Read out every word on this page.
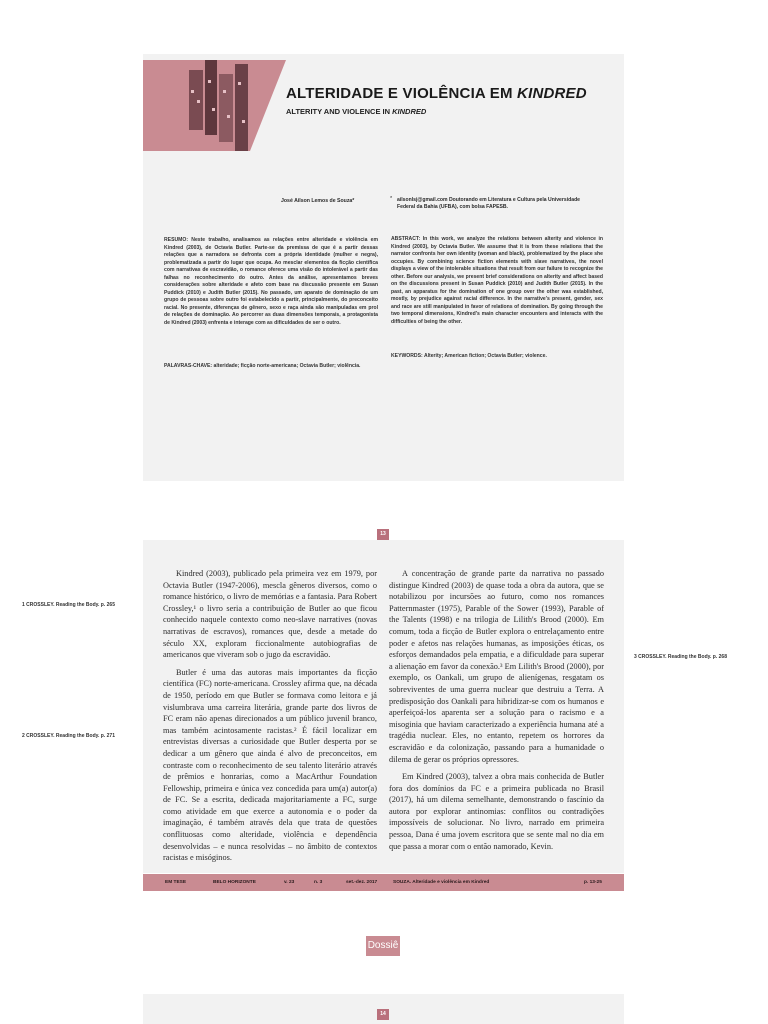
ALTERIDADE E VIOLÊNCIA EM KINDRED
ALTERITY AND VIOLENCE IN KINDRED
José Ailson Lemos de Souza*	* ailsonlsj@gmail.com Doutorando em Literatura e Cultura pela Universidade Federal da Bahia (UFBA), com bolsa FAPESB.
RESUMO: Neste trabalho, analisamos as relações entre alteridade e violência em Kindred (2003), de Octavia Butler. Parte-se da premissa de que é a partir dessas relações que a narradora se defronta com a própria identidade (mulher e negra), problematizada a partir do lugar que ocupa. Ao mesclar elementos da ficção científica com narrativas de escravidão, o romance oferece uma visão do intolerável a partir das falhas no reconhecimento do outro. Antes da análise, apresentamos breves considerações sobre alteridade e afeto com base na discussão presente em Susan Puddick (2010) e Judith Butler (2015). No passado, um aparato de dominação de um grupo de pessoas sobre outro foi estabelecido a partir, principalmente, do preconceito racial. No presente, diferenças de gênero, sexo e raça ainda são manipuladas em prol de relações de dominação. Ao percorrer as duas dimensões temporais, a protagonista de Kindred (2003) enfrenta e interage com as dificuldades de ser o outro.
PALAVRAS-CHAVE: alteridade; ficção norte-americana; Octavia Butler; violência.
ABSTRACT: In this work, we analyze the relations between alterity and violence in Kindred (2003), by Octavia Butler. We assume that it is from these relations that the narrator confronts her own identity (woman and black), problematized by the place she occupies. By combining science fiction elements with slave narratives, the novel displays a view of the intolerable situations that result from our failure to recognize the other. Before our analysis, we present brief considerations on alterity and affect based on the discussions present in Susan Puddick (2010) and Judith Butler (2015). In the past, an apparatus for the domination of one group over the other was established, mostly, by prejudice against racial difference. In the narrative's present, gender, sex and race are still manipulated in favor of relations of domination. By going through the two temporal dimensions, Kindred's main character encounters and interacts with the difficulties of being the other.
KEYWORDS: Alterity; American fiction; Octavia Butler; violence.
13

Kindred (2003), publicado pela primeira vez em 1979, por Octavia Butler (1947-2006), mescla gêneros diversos, como o romance histórico, o livro de memórias e a fantasia. Para Robert Crossley,¹ o livro seria a contribuição de Butler ao que ficou conhecido naquele contexto como neo-slave narratives (novas narrativas de escravos), romances que, desde a metade do século XX, exploram ficcionalmente autobiografias de americanos que viveram sob o jugo da escravidão.

Butler é uma das autoras mais importantes da ficção científica (FC) norte-americana. Crossley afirma que, na década de 1950, período em que Butler se formava como leitora e já vislumbrava uma carreira literária, grande parte dos livros de FC eram não apenas direcionados a um público juvenil branco, mas também acintosamente racistas.² É fácil localizar em entrevistas diversas a curiosidade que Butler desperta por se dedicar a um gênero que ainda é alvo de preconceitos, em contraste com o reconhecimento de seu talento literário através de prêmios e honrarias, como a MacArthur Foundation Fellowship, primeira e única vez concedida para um(a) autor(a) de FC. Se a escrita, dedicada majoritariamente a FC, surge como atividade em que exerce a autonomia e o poder da imaginação, é também através dela que trata de questões conflituosas como alteridade, violência e dependência desenvolvidas – e nunca resolvidas – no âmbito de contextos racistas e misóginos.

A concentração de grande parte da narrativa no passado distingue Kindred (2003) de quase toda a obra da autora, que se notabilizou por incursões ao futuro, como nos romances Patternmaster (1975), Parable of the Sower (1993), Parable of the Talents (1998) e na trilogia de Lilith's Brood (2000). Em comum, toda a ficção de Butler explora o entrelaçamento entre poder e afetos nas relações humanas, as imposições éticas, os esforços demandados pela empatia, e a dificuldade para superar a alienação em favor da conexão.³ Em Lilith's Brood (2000), por exemplo, os Oankali, um grupo de alienígenas, resgatam os sobreviventes de uma guerra nuclear que destruiu a Terra. A predisposição dos Oankali para hibridizar-se com os humanos e aperfeiçoá-los aparenta ser a solução para o racismo e a misoginia que haviam caracterizado a experiência humana até a tragédia nuclear. Eles, no entanto, repetem os horrores da escravidão e da colonização, passando para a humanidade o dilema de gerar os próprios opressores.

Em Kindred (2003), talvez a obra mais conhecida de Butler fora dos domínios da FC e a primeira publicada no Brasil (2017), há um dilema semelhante, demonstrando o fascínio da autora por explorar antinomias: conflitos ou contradições impossíveis de solucionar. No livro, narrado em primeira pessoa, Dana é uma jovem escritora que se sente mal no dia em que passa a morar com o então namorado, Kevin.

1 CROSSLEY. Reading the Body. p. 265
2 CROSSLEY. Reading the Body. p. 271
3 CROSSLEY. Reading the Body. p. 268
EM TESE	BELO HORIZONTE	v. 23	n. 3	set.-dez. 2017	SOUZA. Alteridade e violência em Kindred	p. 13-25
Dossiê
14
